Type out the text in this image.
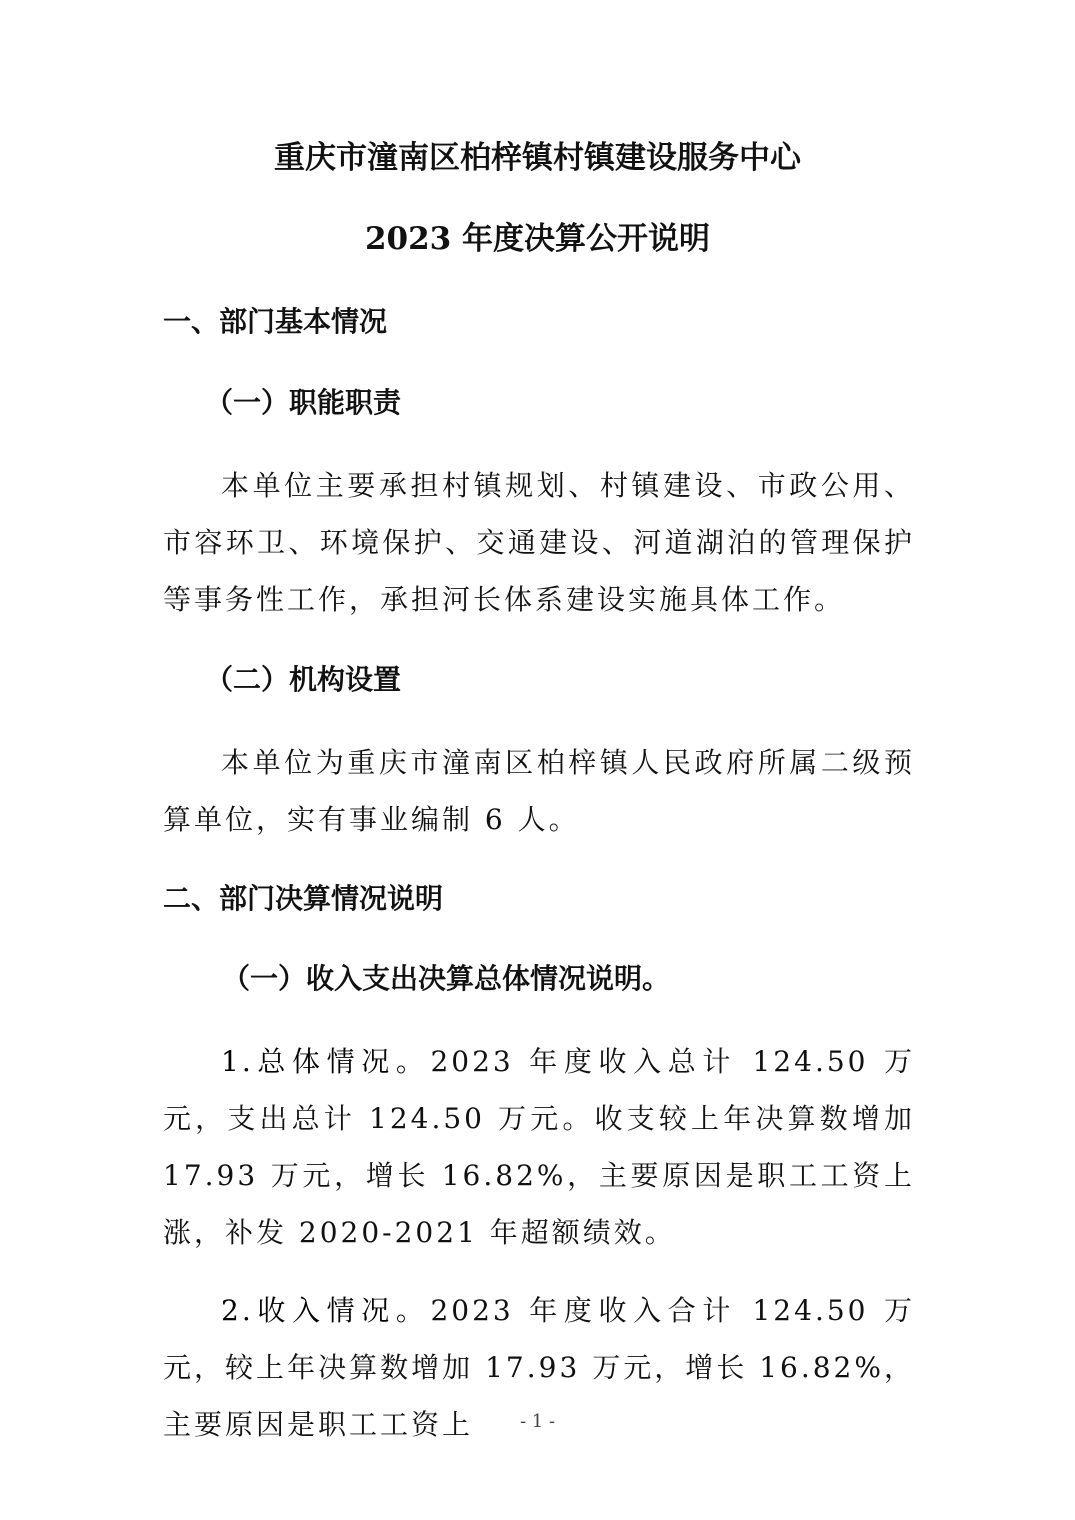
重庆市潼南区柏梓镇村镇建设服务中心
2023 年度决算公开说明
一、部门基本情况
（一）职能职责

本单位主要承担村镇规划、村镇建设、市政公用、市容环卫、环境保护、交通建设、河道湖泊的管理保护等事务性工作，承担河长体系建设实施具体工作。

（二）机构设置

本单位为重庆市潼南区柏梓镇人民政府所属二级预算单位，实有事业编制 6 人。

二、部门决算情况说明
（一）收入支出决算总体情况说明。

1.总体情况。2023 年度收入总计 124.50 万元，支出总计 124.50 万元。收支较上年决算数增加 17.93 万元，增长 16.82%，主要原因是职工工资上涨，补发 2020-2021 年超额绩效。

2.收入情况。2023 年度收入合计 124.50 万元，较上年决算数增加 17.93 万元，增长 16.82%，主要原因是职工工资上	- 1 -
